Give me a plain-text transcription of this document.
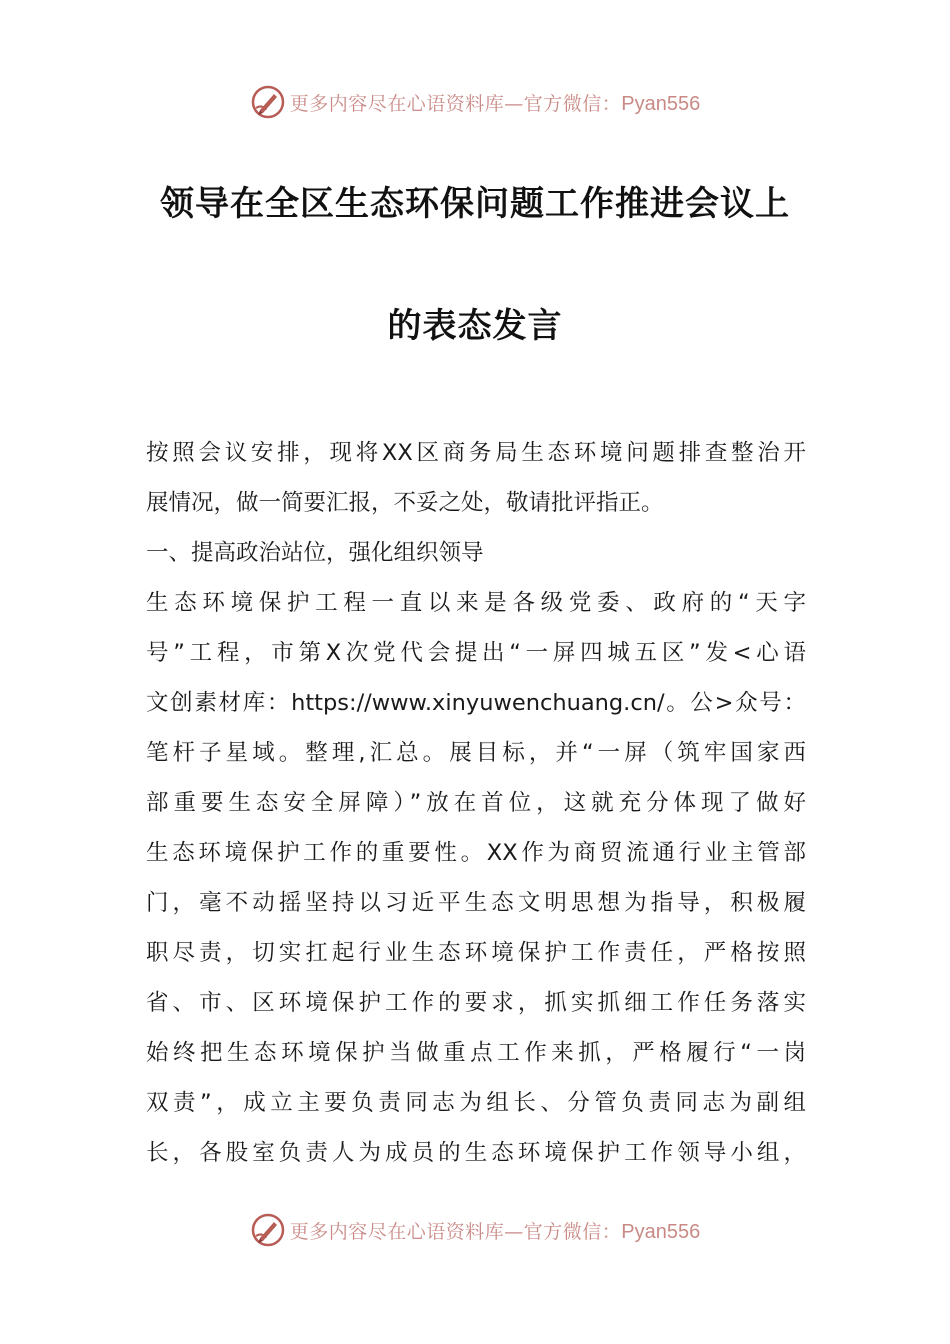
更多内容尽在心语资料库—官方微信：Pyan556
领导在全区生态环保问题工作推进会议上
的表态发言
按照会议安排，现将XX区商务局生态环境问题排查整治开
展情况，做一简要汇报，不妥之处，敬请批评指正。
一、提高政治站位，强化组织领导
生态环境保护工程一直以来是各级党委、政府的“天字
号”工程，市第X次党代会提出“一屏四城五区”发<心语
文创素材库：https://www.xinyuwenchuang.cn/。公>众号：
笔杆子星域。整理,汇总。展目标，并“一屏（筑牢国家西
部重要生态安全屏障）”放在首位，这就充分体现了做好
生态环境保护工作的重要性。XX作为商贸流通行业主管部
门，毫不动摇坚持以习近平生态文明思想为指导，积极履
职尽责，切实扛起行业生态环境保护工作责任，严格按照
省、市、区环境保护工作的要求，抓实抓细工作任务落实
始终把生态环境保护当做重点工作来抓，严格履行“一岗
双责”，成立主要负责同志为组长、分管负责同志为副组
长，各股室负责人为成员的生态环境保护工作领导小组，
更多内容尽在心语资料库—官方微信：Pyan556
